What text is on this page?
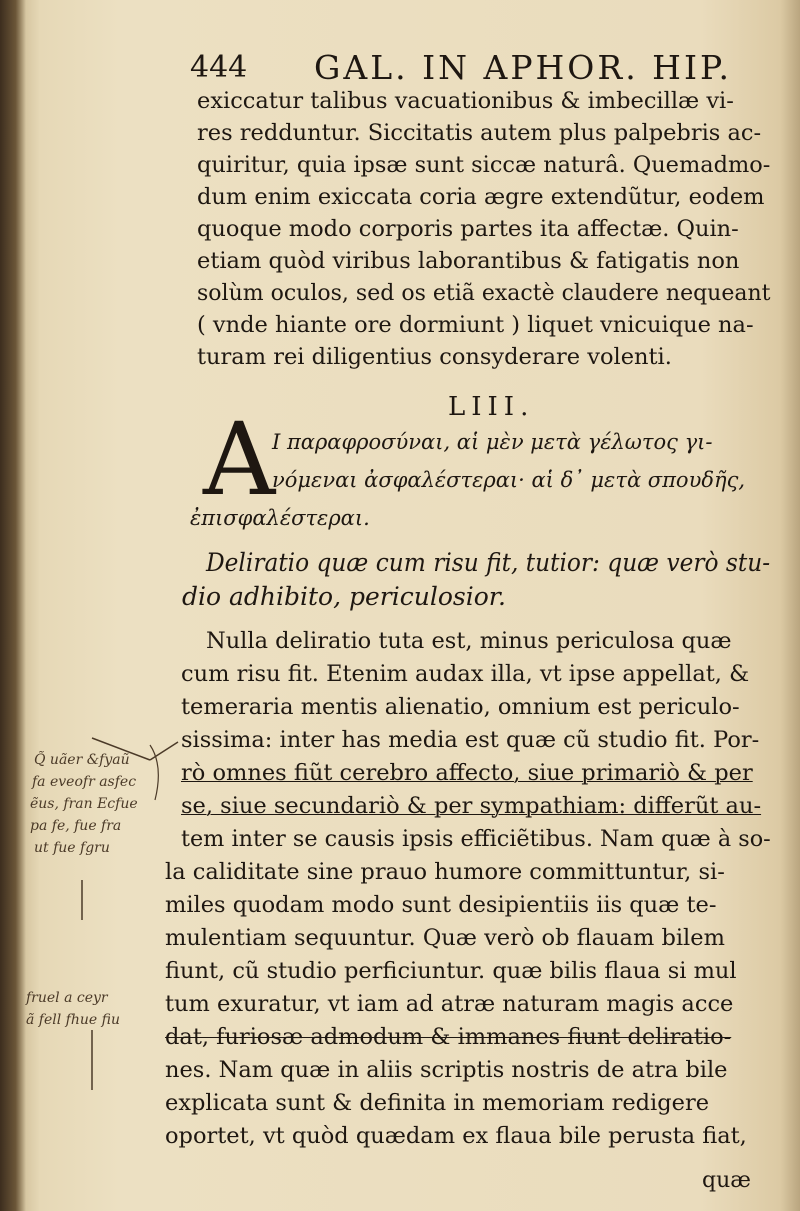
444 GAL. IN APHOR. HIP.
exiccatur talibus vacuationibus & imbecillæ vi-
res redduntur. Siccitatis autem plus palpebris ac-
quiritur, quia ipsæ sunt siccæ naturâ. Quemadmo-
dum enim exiccata coria ægre extendũtur, eodem
quoque modo corporis partes ita affectæ. Quin-
etiam quòd viribus laborantibus & fatigatis non
solùm oculos, sed os etiã exactè claudere nequeant
( vnde hiante ore dormiunt ) liquet vnicuique na-
turam rei diligentius consyderare volenti.
LIII.
A
I παραφροσύναι, αἱ μὲν μετὰ γέλωτος γι-
νόμεναι ἀσφαλέστεραι· αἱ δ᾽ μετὰ σπουδῆς,
ἐπισφαλέστεραι.
Deliratio quæ cum risu fit, tutior: quæ verò stu-
dio adhibito, periculosior.
Nulla deliratio tuta est, minus periculosa quæ
cum risu fit. Etenim audax illa, vt ipse appellat, &
temeraria mentis alienatio, omnium est periculo-
sissima: inter has media est quæ cũ studio fit. Por-
rò omnes fiũt cerebro affecto, siue primariò & per
se, siue secundariò & per sympathiam: differũt au-
tem inter se causis ipsis efficiẽtibus. Nam quæ à so-
la caliditate sine prauo humore committuntur, si-
miles quodam modo sunt desipientiis iis quæ te-
mulentiam sequuntur. Quæ verò ob flauam bilem
fiunt, cũ studio perficiuntur. quæ bilis flaua si mul
tum exuratur, vt iam ad atræ naturam magis acce
dat, furiosæ admodum & immanes fiunt deliratio-
nes. Nam quæ in aliis scriptis nostris de atra bile
explicata sunt & definita in memoriam redigere
oportet, vt quòd quædam ex flaua bile perusta fiat,
quæ
Q̃ uãer &fyaũ
fa eveofr asfec
ẽus, fran Ecfue
pa fe, fue fra
ut fue fgru
fruel a ceyr
ã fell fhue fiu
